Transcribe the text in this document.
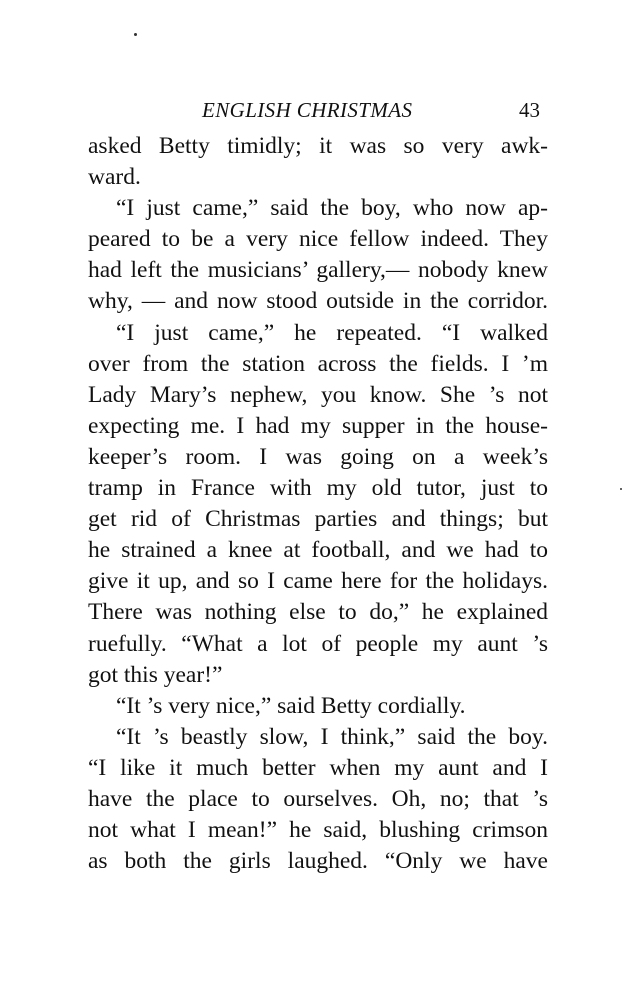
ENGLISH CHRISTMAS	43
asked Betty timidly; it was so very awk-
ward.
“I just came,” said the boy, who now ap-
peared to be a very nice fellow indeed. They
had left the musicians’ gallery,— nobody knew
why, — and now stood outside in the corridor.
“I just came,” he repeated. “I walked
over from the station across the fields. I ’m
Lady Mary’s nephew, you know. She ’s not
expecting me. I had my supper in the house-
keeper’s room. I was going on a week’s
tramp in France with my old tutor, just to
get rid of Christmas parties and things; but
he strained a knee at football, and we had to
give it up, and so I came here for the holidays.
There was nothing else to do,” he explained
ruefully. “What a lot of people my aunt ’s
got this year!”
“It ’s very nice,” said Betty cordially.
“It ’s beastly slow, I think,” said the boy.
“I like it much better when my aunt and I
have the place to ourselves. Oh, no; that ’s
not what I mean!” he said, blushing crimson
as both the girls laughed. “Only we have
